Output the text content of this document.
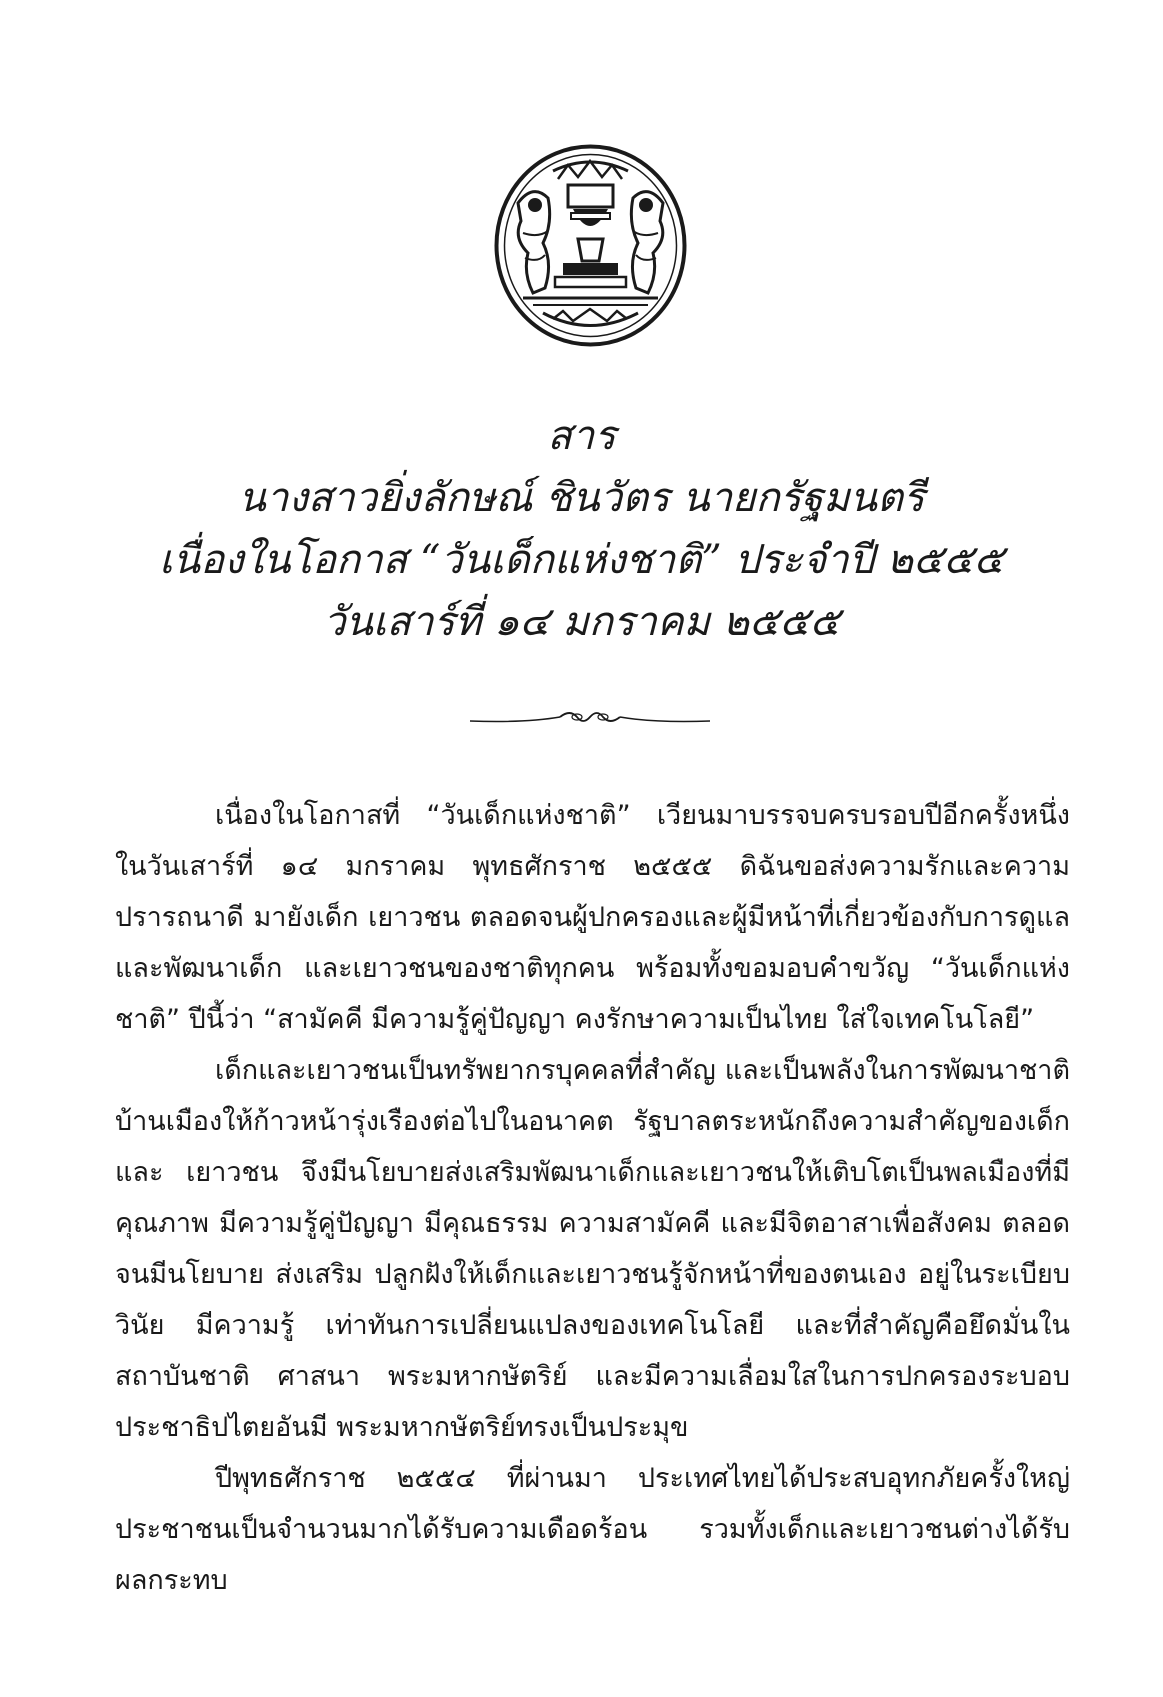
สาร
นางสาวยิ่งลักษณ์ ชินวัตร นายกรัฐมนตรี
เนื่องในโอกาส “วันเด็กแห่งชาติ” ประจำปี ๒๕๕๕
วันเสาร์ที่ ๑๔ มกราคม ๒๕๕๕

เนื่องในโอกาสที่ “วันเด็กแห่งชาติ” เวียนมาบรรจบครบรอบปีอีกครั้งหนึ่ง ในวันเสาร์ที่ ๑๔ มกราคม พุทธศักราช ๒๕๕๕ ดิฉันขอส่งความรักและความปรารถนาดี มายังเด็ก เยาวชน ตลอดจนผู้ปกครองและผู้มีหน้าที่เกี่ยวข้องกับการดูแลและพัฒนาเด็ก และเยาวชนของชาติทุกคน พร้อมทั้งขอมอบคำขวัญ “วันเด็กแห่งชาติ” ปีนี้ว่า “สามัคคี มีความรู้คู่ปัญญา คงรักษาความเป็นไทย ใส่ใจเทคโนโลยี”

เด็กและเยาวชนเป็นทรัพยากรบุคคลที่สำคัญ และเป็นพลังในการพัฒนาชาติ บ้านเมืองให้ก้าวหน้ารุ่งเรืองต่อไปในอนาคต รัฐบาลตระหนักถึงความสำคัญของเด็กและ เยาวชน จึงมีนโยบายส่งเสริมพัฒนาเด็กและเยาวชนให้เติบโตเป็นพลเมืองที่มีคุณภาพ มีความรู้คู่ปัญญา มีคุณธรรม ความสามัคคี และมีจิตอาสาเพื่อสังคม ตลอดจนมีนโยบาย ส่งเสริม ปลูกฝังให้เด็กและเยาวชนรู้จักหน้าที่ของตนเอง อยู่ในระเบียบวินัย มีความรู้ เท่าทันการเปลี่ยนแปลงของเทคโนโลยี และที่สำคัญคือยึดมั่นในสถาบันชาติ ศาสนา พระมหากษัตริย์ และมีความเลื่อมใสในการปกครองระบอบประชาธิปไตยอันมี พระมหากษัตริย์ทรงเป็นประมุข

ปีพุทธศักราช ๒๕๕๔ ที่ผ่านมา ประเทศไทยได้ประสบอุทกภัยครั้งใหญ่ ประชาชนเป็นจำนวนมากได้รับความเดือดร้อน รวมทั้งเด็กและเยาวชนต่างได้รับผลกระทบ
